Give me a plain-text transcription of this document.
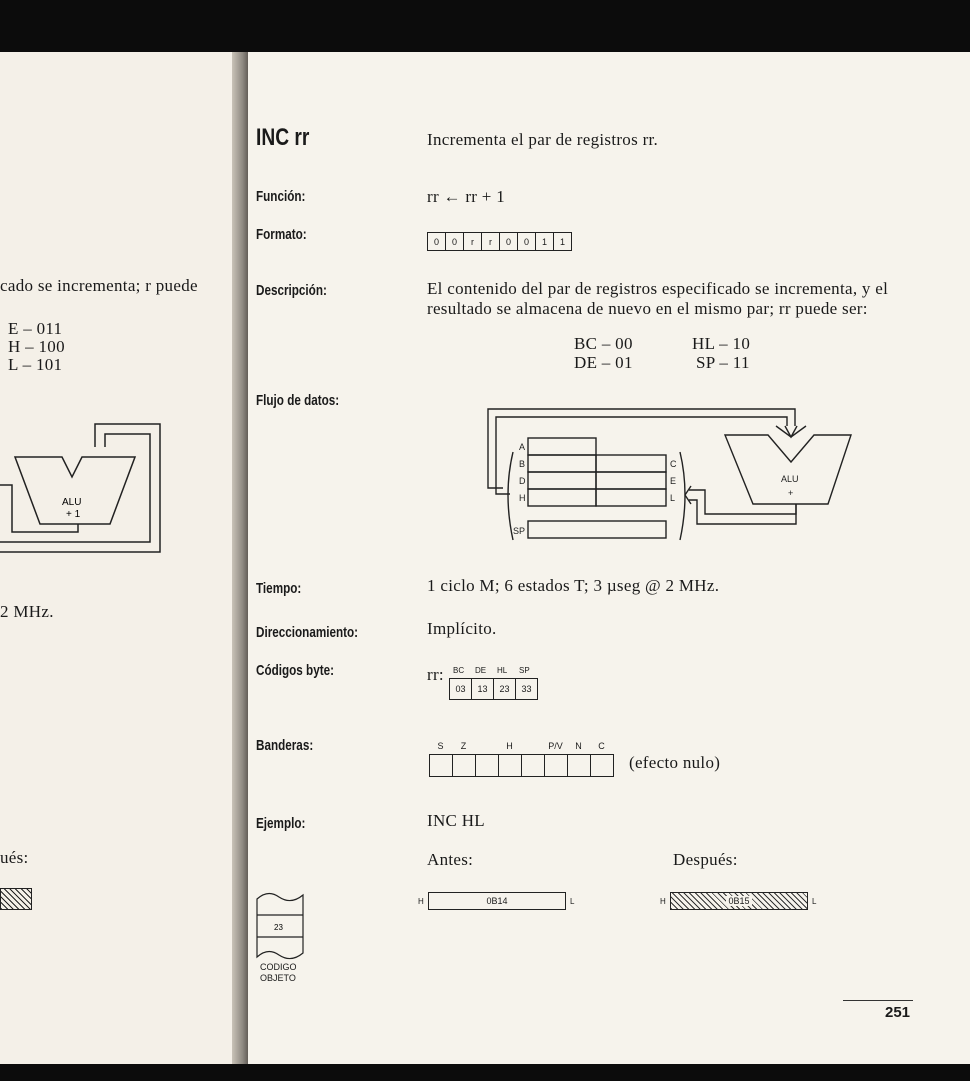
cado se incrementa; r puede
E – 011
H – 100
L – 101
ALU
+ 1
2 MHz.
ués:
INC rr	Incrementa el par de registros rr.
Función:	rr ← rr + 1
Formato:	0	0	r	r	0	0	1	1
Descripción:	El contenido del par de registros especificado se incrementa, y el
resultado se almacena de nuevo en el mismo par; rr puede ser:
BC – 00	HL – 10
DE – 01	SP – 11
Flujo de datos:
A
B
D
H
C
E
L
SP
ALU
+
Tiempo:	1 ciclo M; 6 estados T; 3 µseg @ 2 MHz.
Direccionamiento:	Implícito.
Códigos byte:	rr: BC	DE	HL	SP
03	13	23	33
Banderas:	S	Z	H	P/V	N	C
(efecto nulo)
Ejemplo:	INC HL
Antes:	Después:
H	0B14	L	H	0B15	L
23
CODIGO
OBJETO
251
